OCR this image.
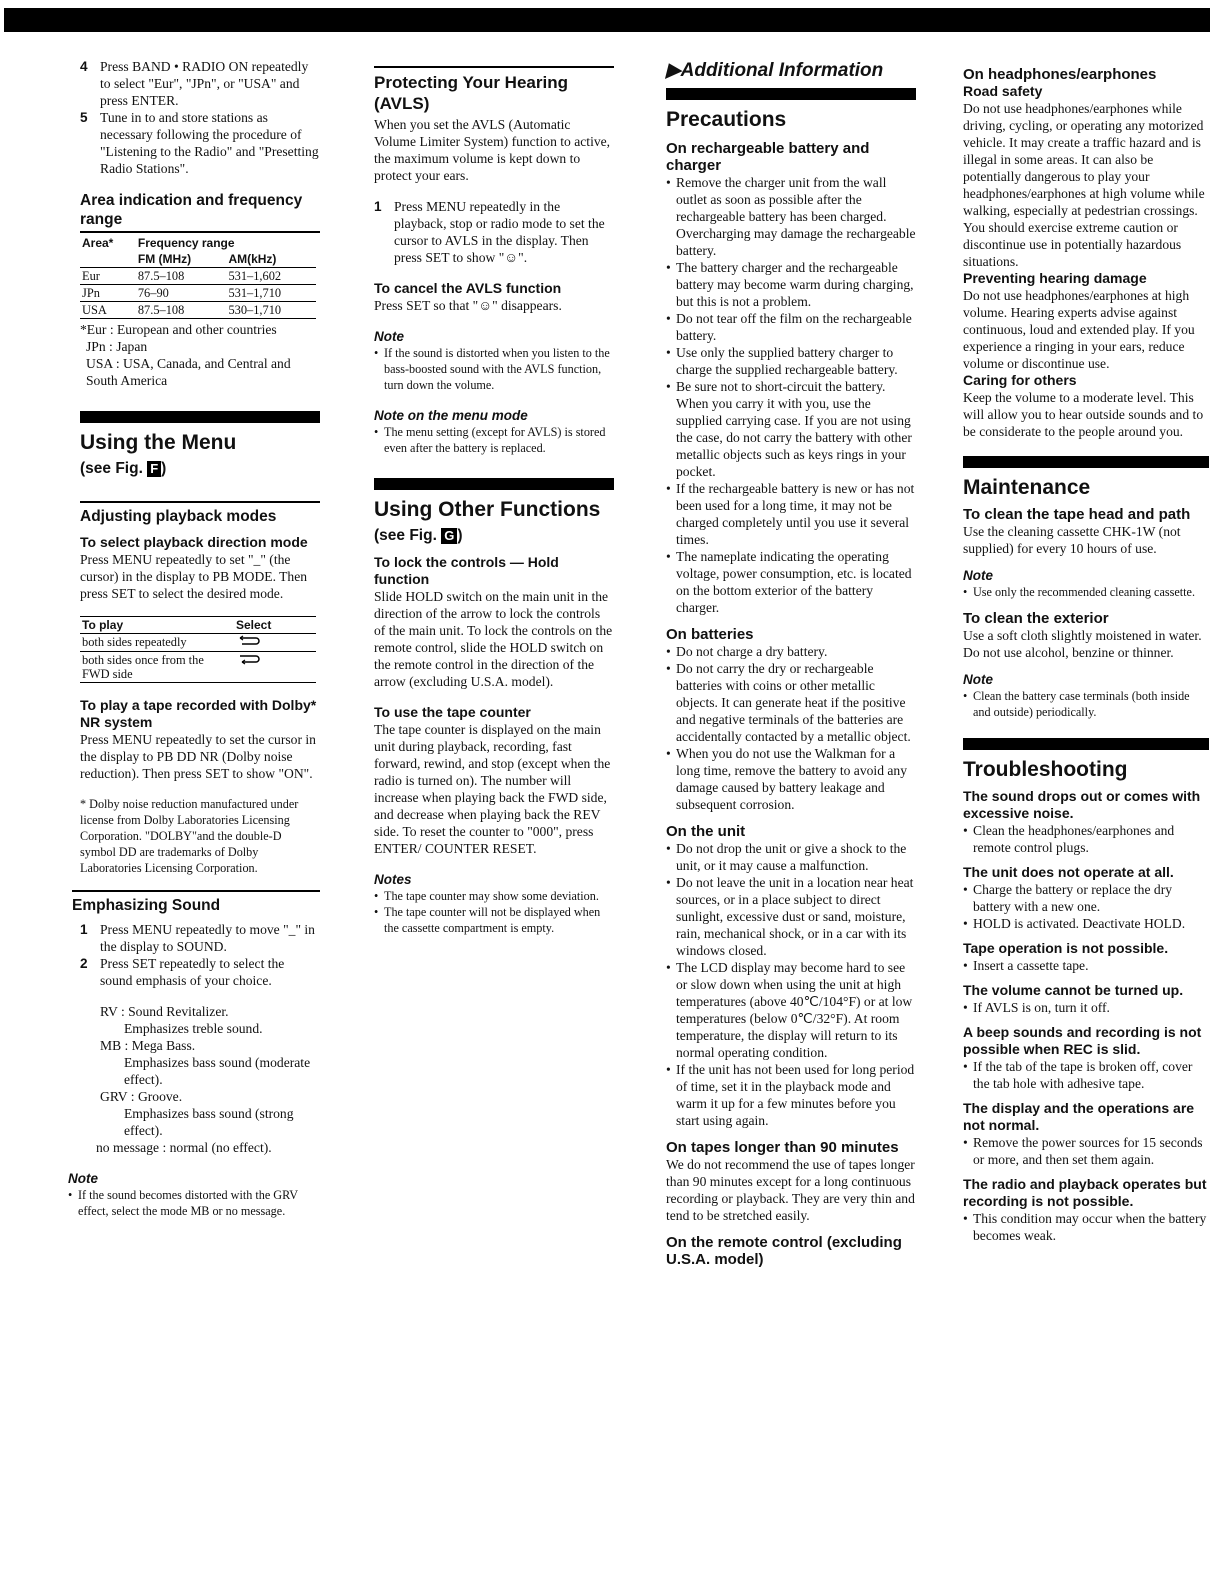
4 Press BAND • RADIO ON repeatedly to select "Eur", "JPn", or "USA" and press ENTER.
5 Tune in to and store stations as necessary following the procedure of "Listening to the Radio" and "Presetting Radio Stations".
Area indication and frequency range
Area*	Frequency range	
	FM (MHz)	AM(kHz)
Eur	87.5–108	531–1,602
JPn	76–90	531–1,710
USA	87.5–108	530–1,710

*Eur : European and other countries

JPn : Japan

USA : USA, Canada, and Central and South America

Using the Menu
(see Fig. F )
Adjusting playback modes
To select playback direction mode

Press MENU repeatedly to set "_" (the cursor) in the display to PB MODE. Then press SET to select the desired mode.

To play	Select
both sides repeatedly	
both sides once from the FWD side	
To play a tape recorded with Dolby* NR system

Press MENU repeatedly to set the cursor in the display to PB DD NR (Dolby noise reduction). Then press SET to show "ON".

* Dolby noise reduction manufactured under license from Dolby Laboratories Licensing Corporation. "DOLBY"and the double-D symbol DD are trademarks of Dolby Laboratories Licensing Corporation.

Emphasizing Sound
1 Press MENU repeatedly to move "_" in the display to SOUND.
2 Press SET repeatedly to select the sound emphasis of your choice.

RV : Sound Revitalizer.

Emphasizes treble sound.

MB : Mega Bass.

Emphasizes bass sound (moderate effect).

GRV : Groove.

Emphasizes bass sound (strong effect).

no message : normal (no effect).

Note

• If the sound becomes distorted with the GRV effect, select the mode MB or no message.
Protecting Your Hearing (AVLS)

When you set the AVLS (Automatic Volume Limiter System) function to active, the maximum volume is kept down to protect your ears.

1 Press MENU repeatedly in the playback, stop or radio mode to set the cursor to AVLS in the display. Then press SET to show "☺".
To cancel the AVLS function

Press SET so that "☺" disappears.

Note

• If the sound is distorted when you listen to the bass-boosted sound with the AVLS function, turn down the volume.

Note on the menu mode

• The menu setting (except for AVLS) is stored even after the battery is replaced.
Using Other Functions (see Fig. G )
To lock the controls — Hold function

Slide HOLD switch on the main unit in the direction of the arrow to lock the controls of the main unit. To lock the controls on the remote control, slide the HOLD switch on the remote control in the direction of the arrow (excluding U.S.A. model).

To use the tape counter

The tape counter is displayed on the main unit during playback, recording, fast forward, rewind, and stop (except when the radio is turned on). The number will increase when playing back the FWD side, and decrease when playing back the REV side. To reset the counter to "000", press ENTER/ COUNTER RESET.

Notes

• The tape counter may show some deviation.
• The tape counter will not be displayed when the cassette compartment is empty.
▶Additional Information
Precautions
On rechargeable battery and charger
• Remove the charger unit from the wall outlet as soon as possible after the rechargeable battery has been charged. Overcharging may damage the rechargeable battery.
• The battery charger and the rechargeable battery may become warm during charging, but this is not a problem.
• Do not tear off the film on the rechargeable battery.
• Use only the supplied battery charger to charge the supplied rechargeable battery.
• Be sure not to short-circuit the battery. When you carry it with you, use the supplied carrying case. If you are not using the case, do not carry the battery with other metallic objects such as keys rings in your pocket.
• If the rechargeable battery is new or has not been used for a long time, it may not be charged completely until you use it several times.
• The nameplate indicating the operating voltage, power consumption, etc. is located on the bottom exterior of the battery charger.
On batteries
• Do not charge a dry battery.
• Do not carry the dry or rechargeable batteries with coins or other metallic objects. It can generate heat if the positive and negative terminals of the batteries are accidentally contacted by a metallic object.
• When you do not use the Walkman for a long time, remove the battery to avoid any damage caused by battery leakage and subsequent corrosion.
On the unit
• Do not drop the unit or give a shock to the unit, or it may cause a malfunction.
• Do not leave the unit in a location near heat sources, or in a place subject to direct sunlight, excessive dust or sand, moisture, rain, mechanical shock, or in a car with its windows closed.
• The LCD display may become hard to see or slow down when using the unit at high temperatures (above 40℃/104°F) or at low temperatures (below 0℃/32°F). At room temperature, the display will return to its normal operating condition.
• If the unit has not been used for long period of time, set it in the playback mode and warm it up for a few minutes before you start using again.
On tapes longer than 90 minutes

We do not recommend the use of tapes longer than 90 minutes except for a long continuous recording or playback. They are very thin and tend to be stretched easily.

On the remote control (excluding U.S.A. model)
On headphones/earphones
Road safety

Do not use headphones/earphones while driving, cycling, or operating any motorized vehicle. It may create a traffic hazard and is illegal in some areas. It can also be potentially dangerous to play your headphones/earphones at high volume while walking, especially at pedestrian crossings.

You should exercise extreme caution or discontinue use in potentially hazardous situations.

Preventing hearing damage

Do not use headphones/earphones at high volume. Hearing experts advise against continuous, loud and extended play. If you experience a ringing in your ears, reduce volume or discontinue use.

Caring for others

Keep the volume to a moderate level. This will allow you to hear outside sounds and to be considerate to the people around you.

Maintenance
To clean the tape head and path

Use the cleaning cassette CHK-1W (not supplied) for every 10 hours of use.

Note

• Use only the recommended cleaning cassette.
To clean the exterior

Use a soft cloth slightly moistened in water. Do not use alcohol, benzine or thinner.

Note

• Clean the battery case terminals (both inside and outside) periodically.
Troubleshooting
The sound drops out or comes with excessive noise.
• Clean the headphones/earphones and remote control plugs.
The unit does not operate at all.
• Charge the battery or replace the dry battery with a new one.
• HOLD is activated. Deactivate HOLD.
Tape operation is not possible.
• Insert a cassette tape.
The volume cannot be turned up.
• If AVLS is on, turn it off.
A beep sounds and recording is not possible when REC is slid.
• If the tab of the tape is broken off, cover the tab hole with adhesive tape.
The display and the operations are not normal.
• Remove the power sources for 15 seconds or more, and then set them again.
The radio and playback operates but recording is not possible.
• This condition may occur when the battery becomes weak.
